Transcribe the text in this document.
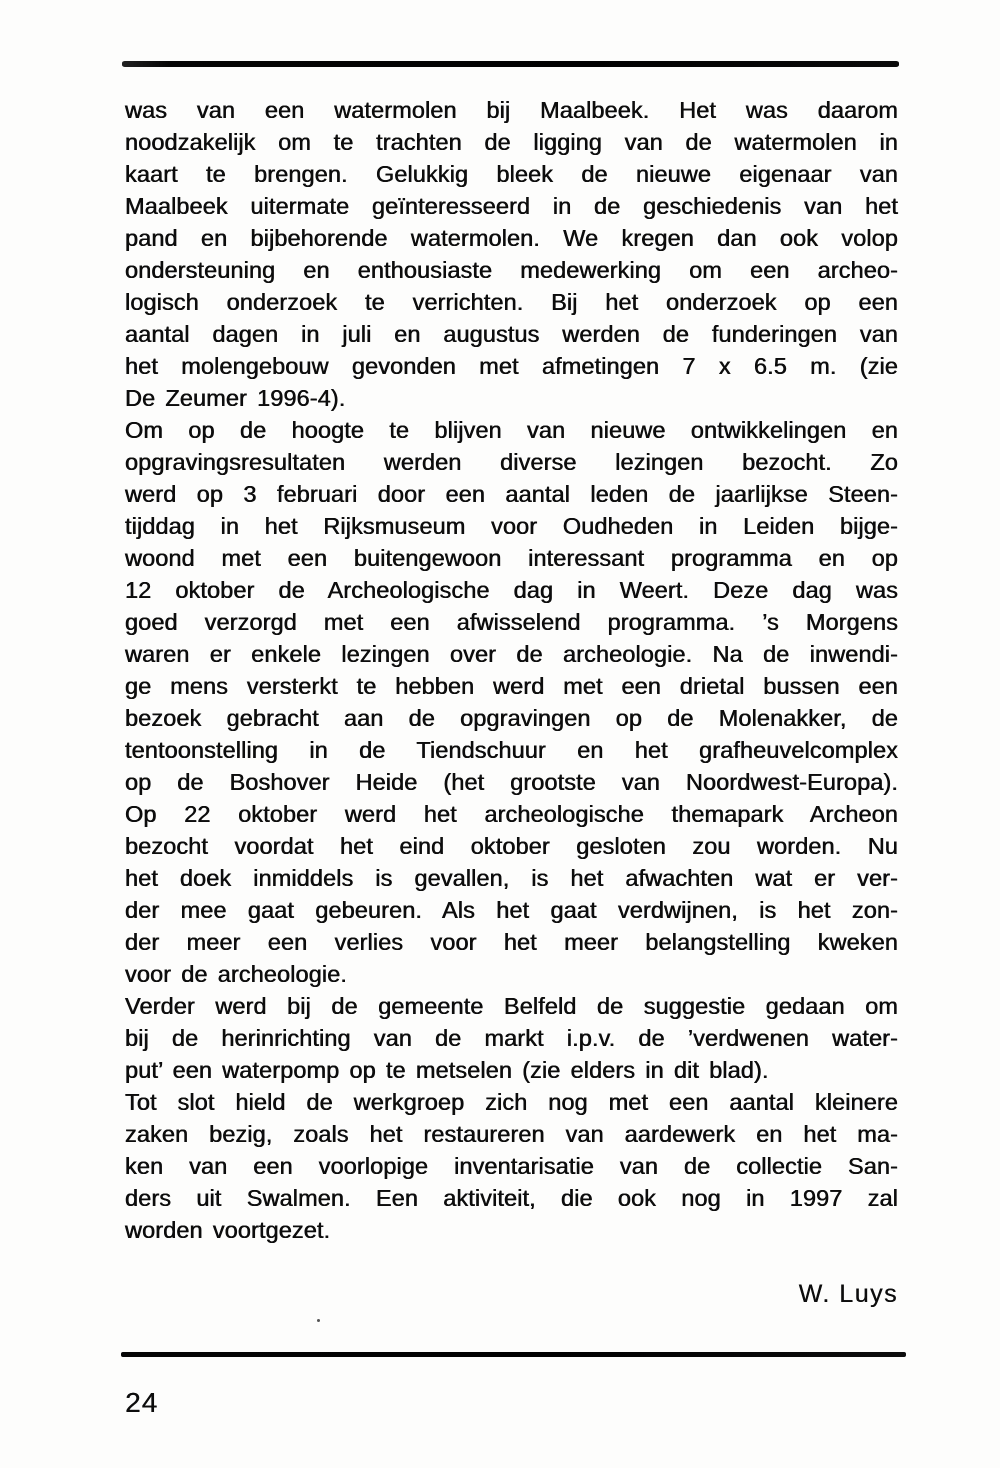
was van een watermolen bij Maalbeek. Het was daarom
noodzakelijk om te trachten de ligging van de watermolen in
kaart te brengen. Gelukkig bleek de nieuwe eigenaar van
Maalbeek uitermate geïnteresseerd in de geschiedenis van het
pand en bijbehorende watermolen. We kregen dan ook volop
ondersteuning en enthousiaste medewerking om een archeo-
logisch onderzoek te verrichten. Bij het onderzoek op een
aantal dagen in juli en augustus werden de funderingen van
het molengebouw gevonden met afmetingen 7 x 6.5 m. (zie
De Zeumer 1996-4).
Om op de hoogte te blijven van nieuwe ontwikkelingen en
opgravingsresultaten werden diverse lezingen bezocht. Zo
werd op 3 februari door een aantal leden de jaarlijkse Steen-
tijddag in het Rijksmuseum voor Oudheden in Leiden bijge-
woond met een buitengewoon interessant programma en op
12 oktober de Archeologische dag in Weert. Deze dag was
goed verzorgd met een afwisselend programma. ’s Morgens
waren er enkele lezingen over de archeologie. Na de inwendi-
ge mens versterkt te hebben werd met een drietal bussen een
bezoek gebracht aan de opgravingen op de Molenakker, de
tentoonstelling in de Tiendschuur en het grafheuvelcomplex
op de Boshover Heide (het grootste van Noordwest-Europa).
Op 22 oktober werd het archeologische themapark Archeon
bezocht voordat het eind oktober gesloten zou worden. Nu
het doek inmiddels is gevallen, is het afwachten wat er ver-
der mee gaat gebeuren. Als het gaat verdwijnen, is het zon-
der meer een verlies voor het meer belangstelling kweken
voor de archeologie.
Verder werd bij de gemeente Belfeld de suggestie gedaan om
bij de herinrichting van de markt i.p.v. de ’verdwenen water-
put’ een waterpomp op te metselen (zie elders in dit blad).
Tot slot hield de werkgroep zich nog met een aantal kleinere
zaken bezig, zoals het restaureren van aardewerk en het ma-
ken van een voorlopige inventarisatie van de collectie San-
ders uit Swalmen. Een aktiviteit, die ook nog in 1997 zal
worden voortgezet.
W. Luys
24
